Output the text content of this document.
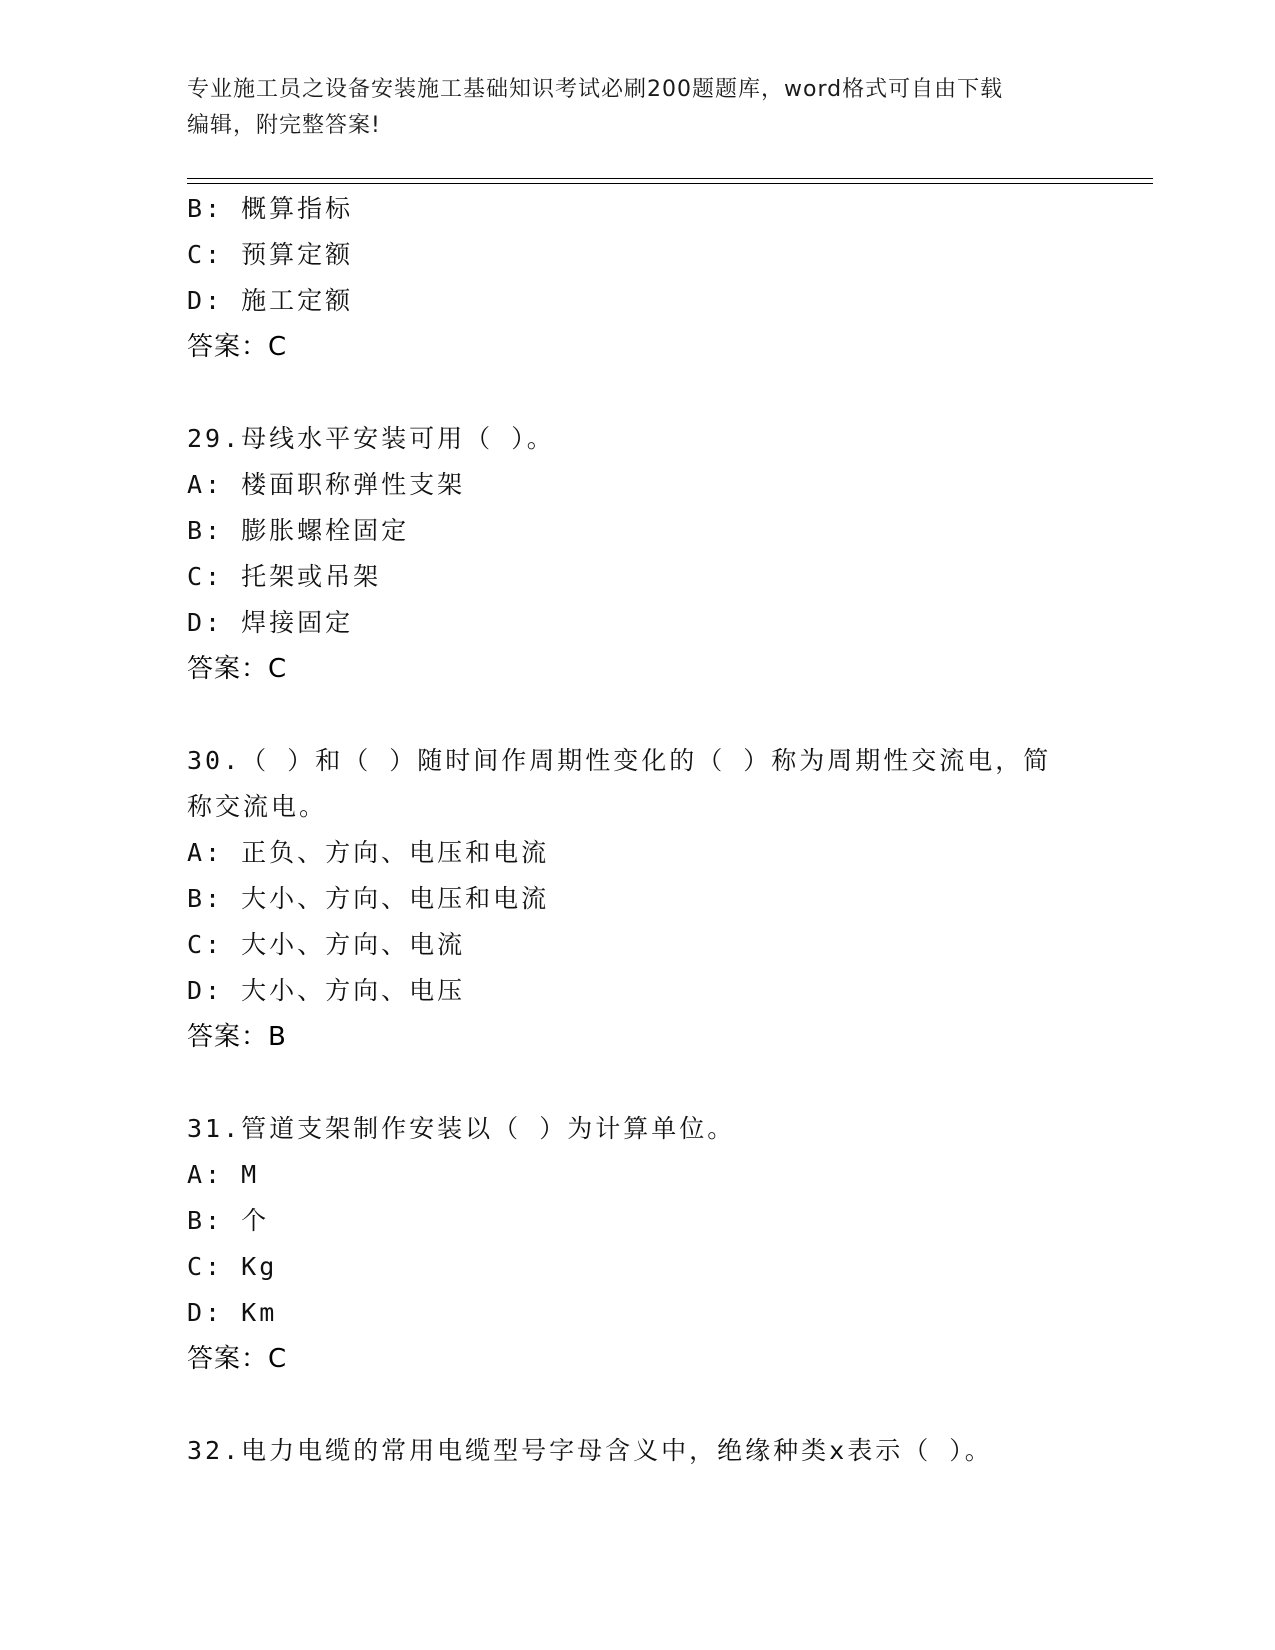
专业施工员之设备安装施工基础知识考试必刷200题题库，word格式可自由下载
编辑，附完整答案!
B: 概算指标
C: 预算定额
D: 施工定额
答案：C
29.母线水平安装可用（ ）。
A: 楼面职称弹性支架
B: 膨胀螺栓固定
C: 托架或吊架
D: 焊接固定
答案：C
30.（ ）和（ ）随时间作周期性变化的（ ）称为周期性交流电，简称交流电。
A: 正负、方向、电压和电流
B: 大小、方向、电压和电流
C: 大小、方向、电流
D: 大小、方向、电压
答案：B
31.管道支架制作安装以（ ）为计算单位。
A: M
B: 个
C: Kg
D: Km
答案：C
32.电力电缆的常用电缆型号字母含义中，绝缘种类x表示（ ）。
